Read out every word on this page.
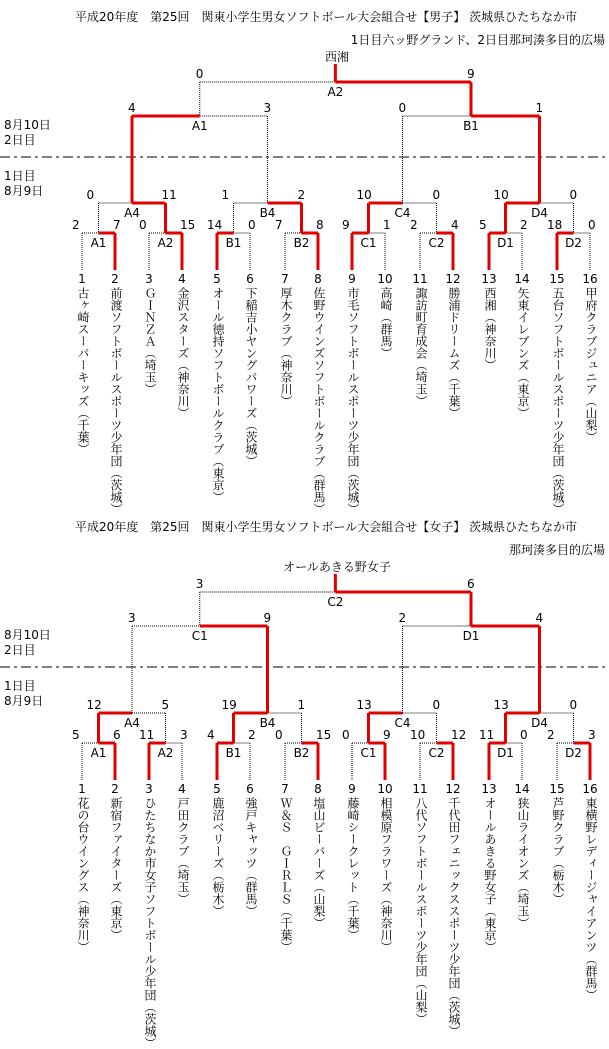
平成20年度　第25回　関東小学生男女ソフトボール大会組合せ【男子】 茨城県ひたちなか市
1日目六ッ野グランド、2日目那珂湊多目的広場
西湘
8月10日
2日目
1日目
8月9日
2	7
A1
0	15
A2
14 0
B1
7	8
B2
9	1
C1
2	4
C2
5	2
D1
18 0
D2
0	11
A4
1	2
B4
10	0
C4
10	0
D4
4	3
A1
0	1
B1
0	9
A2
1
古ヶ崎スーパーキッズ（千葉）
2
前渡ソフトボールスポーツ少年団（茨城）
3
ＧＩＮＺＡ（埼玉）
4
金沢スターズ（神奈川）
5
オール徳持ソフトボールクラブ（東京）
6
下稲吉小ヤングパワーズ（茨城）
7
厚木クラブ（神奈川）
8
佐野ウインズソフトボールクラブ（群馬）
9
市毛ソフトボールスポーツ少年団（茨城）
10
高崎（群馬）
11
諏訪町育成会（埼玉）
12
勝浦ドリームズ（千葉）
13
西湘（神奈川）
14
矢東イレブンズ（東京）
15
五台ソフトボールスポーツ少年団（茨城）
16
甲府クラブジュニア（山梨）
平成20年度　第25回　関東小学生男女ソフトボール大会組合せ【女子】 茨城県ひたちなか市
那珂湊多目的広場
オールあきる野女子
8月10日
2日目
1日目
8月9日
5	6
A1
11 3
A2
4	2
B1
0	15
B2
0	9
C1
10 12
C2
11 0
D1
2	3
D2
12	5
A4
19	1
B4
13	0
C4
13	0
D4
3	9
C1
2	4
D1
3	6
C2
1
花の台ウイングス（神奈川）
2
新宿ファイターズ（東京）
3
ひたちなか市女子ソフトボール少年団（茨城）
4
戸田クラブ（埼玉）
5
鹿沼ベリーズ（栃木）
6
強戸キャッツ（群馬）
7
Ｗ＆Ｓ　ＧＩＲＬＳ（千葉）
8
塩山ビーバーズ（山梨）
9
藤崎シークレット（千葉）
10
相模原フラワーズ（神奈川）
11
八代ソフトボールスポーツ少年団（山梨）
12
千代田フェニックススポーツ少年団（茨城）
13
オールあきる野女子（東京）
14
狭山ライオンズ（埼玉）
15
芦野クラブ（栃木）
16
東横野レディージャイアンツ（群馬）
